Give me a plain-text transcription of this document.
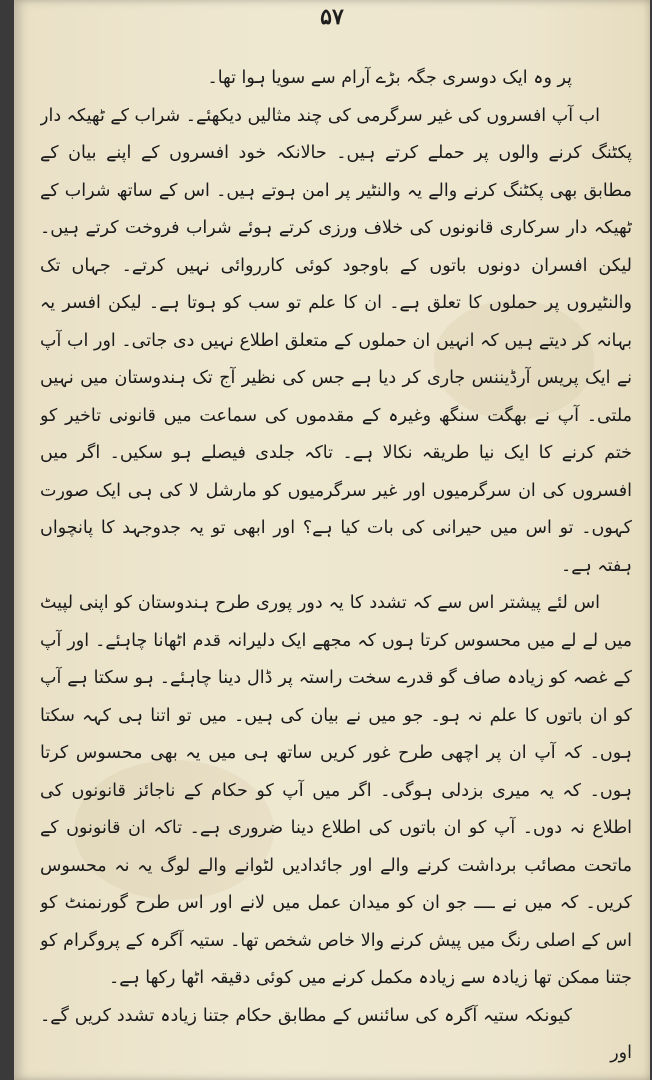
۵۷

پر وہ ایک دوسری جگہ بڑے آرام سے سویا ہوا تھا۔

اب آپ افسروں کی غیر سرگرمی کی چند مثالیں دیکھئے۔ شراب کے ٹھیکہ دار پکٹنگ کرنے والوں پر حملے کرتے ہیں۔ حالانکہ خود افسروں کے اپنے بیان کے مطابق بھی پکٹنگ کرنے والے یہ والنٹیر پر امن ہوتے ہیں۔ اس کے ساتھ شراب کے ٹھیکہ دار سرکاری قانونوں کی خلاف ورزی کرتے ہوئے شراب فروخت کرتے ہیں۔ لیکن افسران دونوں باتوں کے باوجود کوئی کارروائی نہیں کرتے۔ جہاں تک والنٹیروں پر حملوں کا تعلق ہے۔ ان کا علم تو سب کو ہوتا ہے۔ لیکن افسر یہ بہانہ کر دیتے ہیں کہ انہیں ان حملوں کے متعلق اطلاع نہیں دی جاتی۔ اور اب آپ نے ایک پریس آرڈیننس جاری کر دیا ہے جس کی نظیر آج تک ہندوستان میں نہیں ملتی۔ آپ نے بھگت سنگھ وغیرہ کے مقدموں کی سماعت میں قانونی تاخیر کو ختم کرنے کا ایک نیا طریقہ نکالا ہے۔ تاکہ جلدی فیصلے ہو سکیں۔ اگر میں افسروں کی ان سرگرمیوں اور غیر سرگرمیوں کو مارشل لا کی ہی ایک صورت کہوں۔ تو اس میں حیرانی کی بات کیا ہے؟ اور ابھی تو یہ جدوجہد کا پانچواں ہفتہ ہے۔

اس لئے پیشتر اس سے کہ تشدد کا یہ دور پوری طرح ہندوستان کو اپنی لپیٹ میں لے لے میں محسوس کرتا ہوں کہ مجھے ایک دلیرانہ قدم اٹھانا چاہئے۔ اور آپ کے غصہ کو زیادہ صاف گو قدرے سخت راستہ پر ڈال دینا چاہئے۔ ہو سکتا ہے آپ کو ان باتوں کا علم نہ ہو۔ جو میں نے بیان کی ہیں۔ میں تو اتنا ہی کہہ سکتا ہوں۔ کہ آپ ان پر اچھی طرح غور کریں ساتھ ہی میں یہ بھی محسوس کرتا ہوں۔ کہ یہ میری بزدلی ہوگی۔ اگر میں آپ کو حکام کے ناجائز قانونوں کی اطلاع نہ دوں۔ آپ کو ان باتوں کی اطلاع دینا ضروری ہے۔ تاکہ ان قانونوں کے ماتحت مصائب برداشت کرنے والے اور جائدادیں لٹوانے والے لوگ یہ نہ محسوس کریں۔ کہ میں نے ــــ جو ان کو میدان عمل میں لانے اور اس طرح گورنمنٹ کو اس کے اصلی رنگ میں پیش کرنے والا خاص شخص تھا۔ ستیہ آگرہ کے پروگرام کو جتنا ممکن تھا زیادہ سے زیادہ مکمل کرنے میں کوئی دقیقہ اٹھا رکھا ہے۔

کیونکہ ستیہ آگرہ کی سائنس کے مطابق حکام جتنا زیادہ تشدد کریں گے۔ اور
